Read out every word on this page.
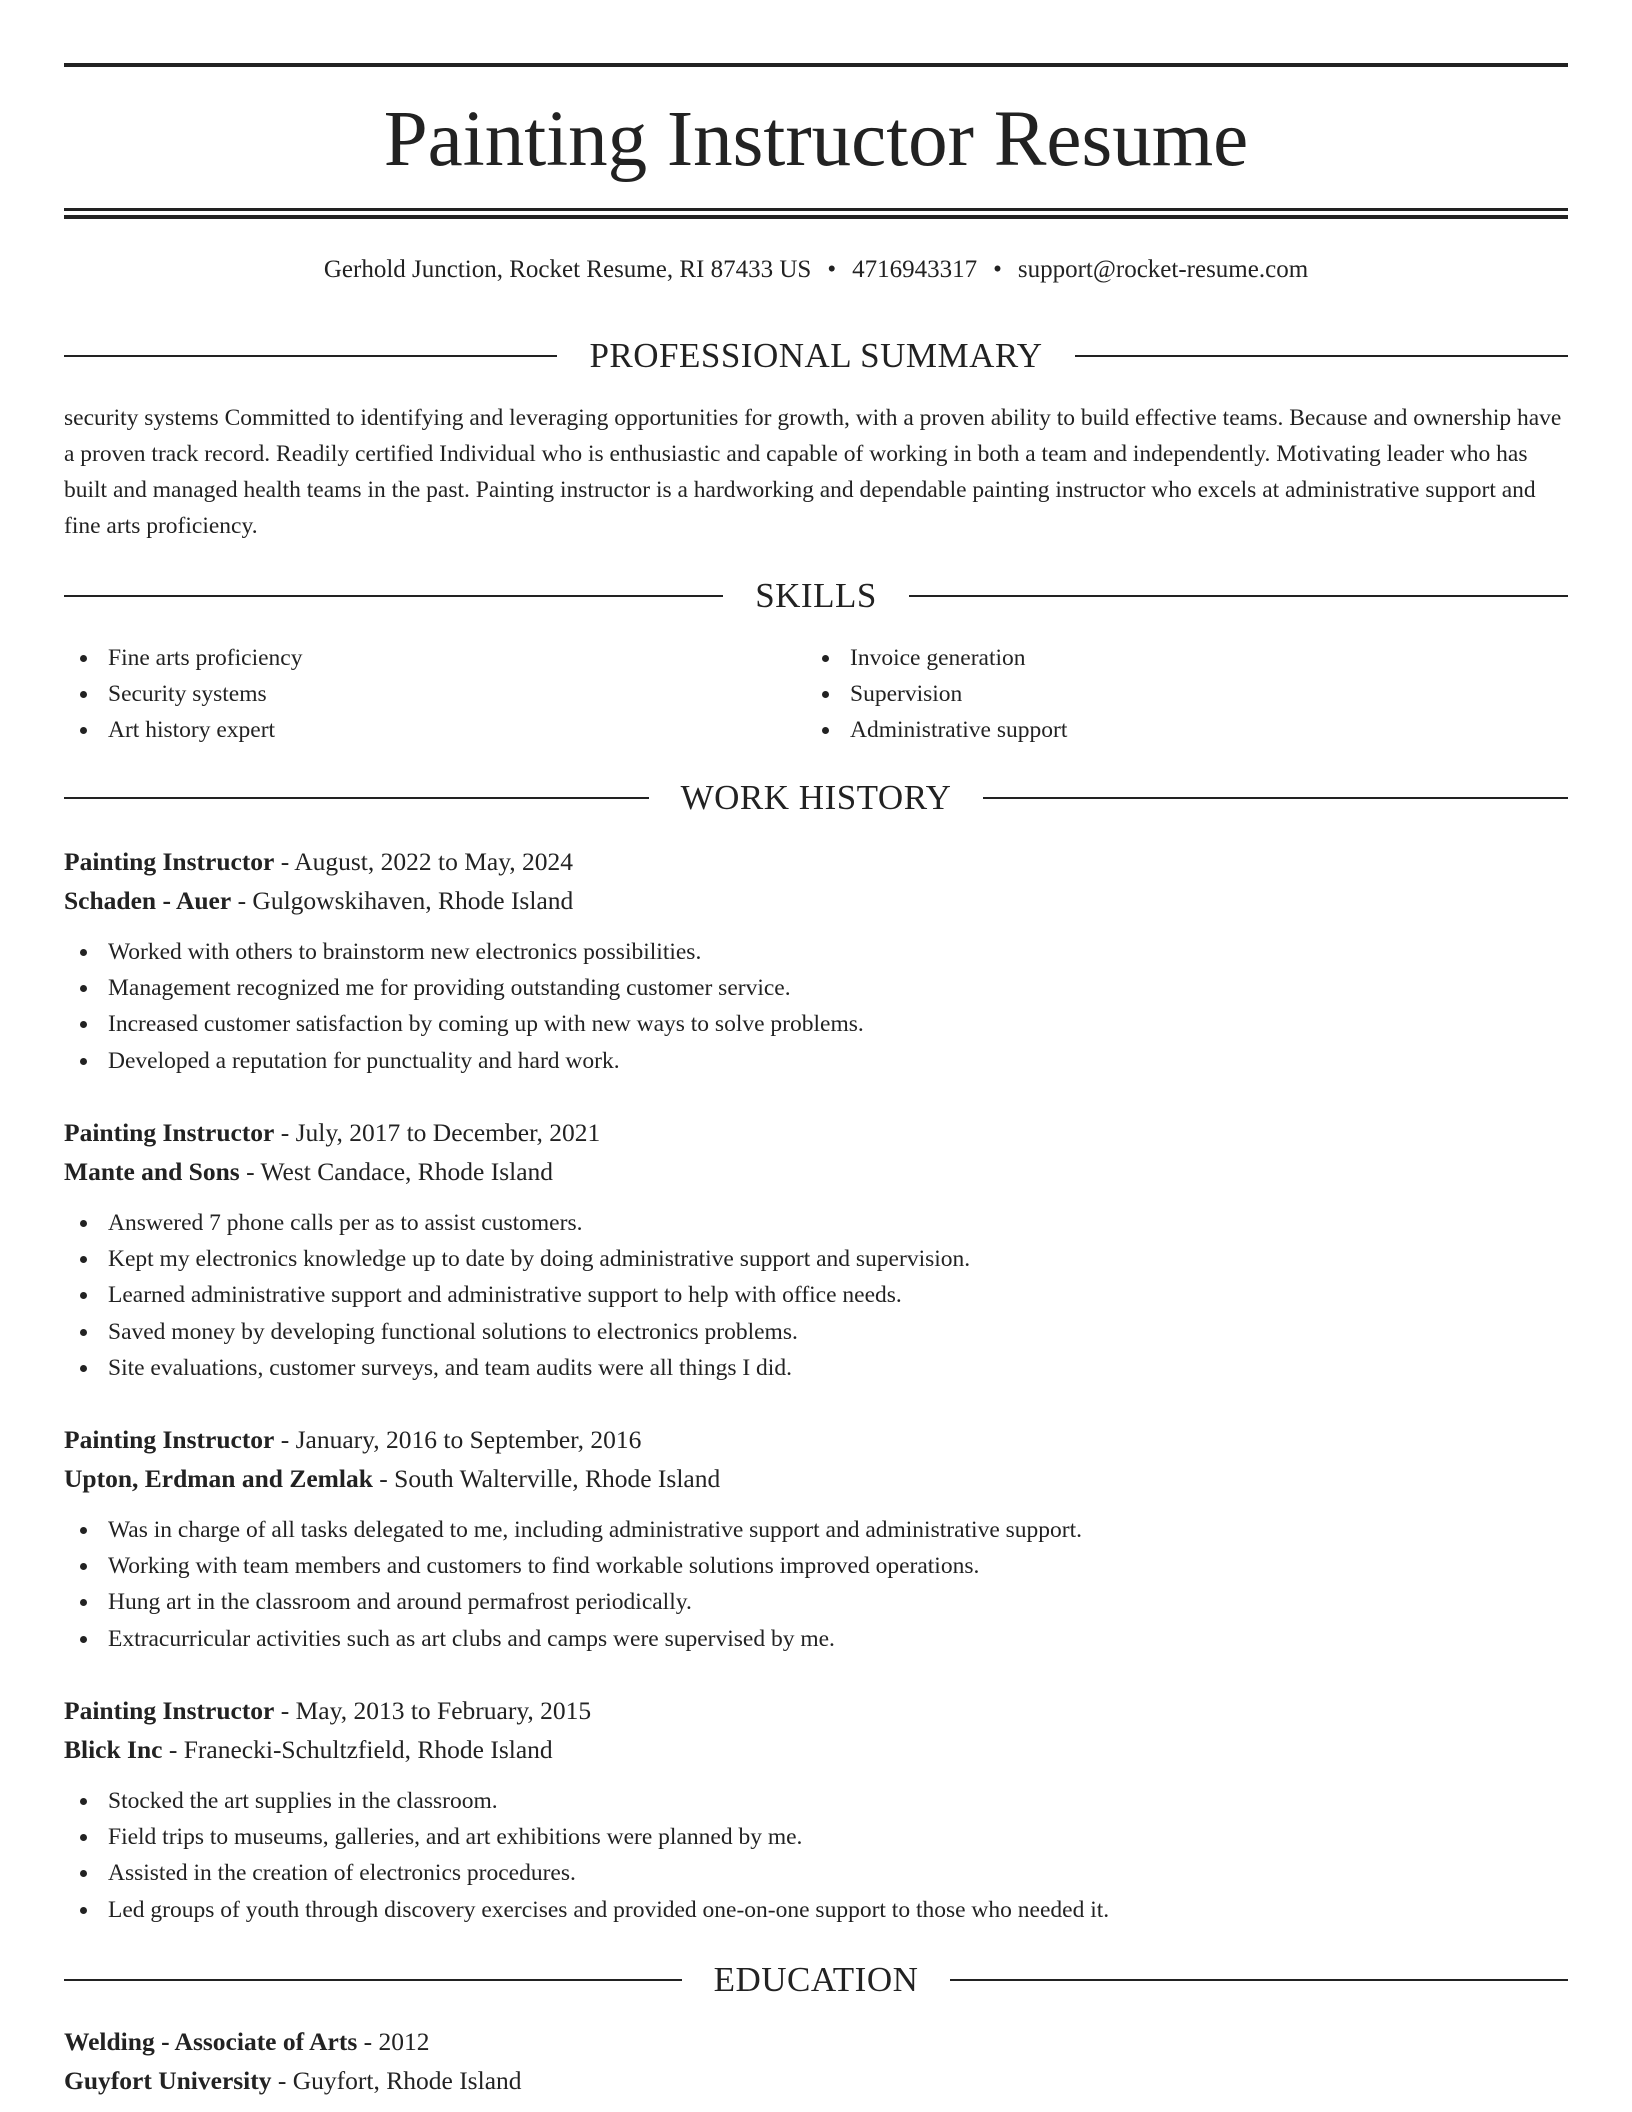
Painting Instructor Resume
Gerhold Junction, Rocket Resume, RI 87433 US • 4716943317 • support@rocket-resume.com
PROFESSIONAL SUMMARY

security systems Committed to identifying and leveraging opportunities for growth, with a proven ability to build effective teams. Because and ownership have a proven track record. Readily certified Individual who is enthusiastic and capable of working in both a team and independently. Motivating leader who has built and managed health teams in the past. Painting instructor is a hardworking and dependable painting instructor who excels at administrative support and fine arts proficiency.

SKILLS
Fine arts proficiency
Security systems
Art history expert
Invoice generation
Supervision
Administrative support
WORK HISTORY
Painting Instructor - August, 2022 to May, 2024
Schaden - Auer - Gulgowskihaven, Rhode Island
Worked with others to brainstorm new electronics possibilities.
Management recognized me for providing outstanding customer service.
Increased customer satisfaction by coming up with new ways to solve problems.
Developed a reputation for punctuality and hard work.
Painting Instructor - July, 2017 to December, 2021
Mante and Sons - West Candace, Rhode Island
Answered 7 phone calls per as to assist customers.
Kept my electronics knowledge up to date by doing administrative support and supervision.
Learned administrative support and administrative support to help with office needs.
Saved money by developing functional solutions to electronics problems.
Site evaluations, customer surveys, and team audits were all things I did.
Painting Instructor - January, 2016 to September, 2016
Upton, Erdman and Zemlak - South Walterville, Rhode Island
Was in charge of all tasks delegated to me, including administrative support and administrative support.
Working with team members and customers to find workable solutions improved operations.
Hung art in the classroom and around permafrost periodically.
Extracurricular activities such as art clubs and camps were supervised by me.
Painting Instructor - May, 2013 to February, 2015
Blick Inc - Franecki-Schultzfield, Rhode Island
Stocked the art supplies in the classroom.
Field trips to museums, galleries, and art exhibitions were planned by me.
Assisted in the creation of electronics procedures.
Led groups of youth through discovery exercises and provided one-on-one support to those who needed it.
EDUCATION
Welding - Associate of Arts - 2012
Guyfort University - Guyfort, Rhode Island
